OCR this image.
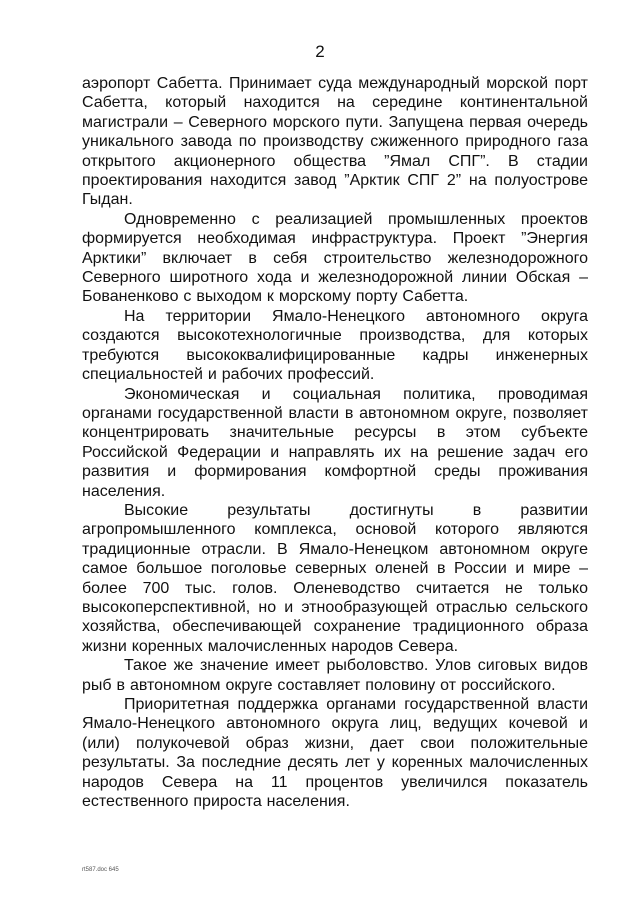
2

аэропорт Сабетта. Принимает суда международный морской порт Сабетта, который находится на середине континентальной магистрали – Северного морского пути. Запущена первая очередь уникального завода по производству сжиженного природного газа открытого акционерного общества ”Ямал СПГ”. В стадии проектирования находится завод ”Арктик СПГ 2” на полуострове Гыдан.

Одновременно с реализацией промышленных проектов формируется необходимая инфраструктура. Проект ”Энергия Арктики” включает в себя строительство железнодорожного Северного широтного хода и железнодорожной линии Обская – Бованенково с выходом к морскому порту Сабетта.

На территории Ямало-Ненецкого автономного округа создаются высокотехнологичные производства, для которых требуются высококвалифицированные кадры инженерных специальностей и рабочих профессий.

Экономическая и социальная политика, проводимая органами государственной власти в автономном округе, позволяет концентрировать значительные ресурсы в этом субъекте Российской Федерации и направлять их на решение задач его развития и формирования комфортной среды проживания населения.

Высокие результаты достигнуты в развитии агропромышленного комплекса, основой которого являются традиционные отрасли. В Ямало-Ненецком автономном округе самое большое поголовье северных оленей в России и мире – более 700 тыс. голов. Оленеводство считается не только высокоперспективной, но и этнообразующей отраслью сельского хозяйства, обеспечивающей сохранение традиционного образа жизни коренных малочисленных народов Севера.

Такое же значение имеет рыболовство. Улов сиговых видов рыб в автономном округе составляет половину от российского.

Приоритетная поддержка органами государственной власти Ямало-Ненецкого автономного округа лиц, ведущих кочевой и (или) полукочевой образ жизни, дает свои положительные результаты. За последние десять лет у коренных малочисленных народов Севера на 11 процентов увеличился показатель естественного прироста населения.

rt587.doc 645
